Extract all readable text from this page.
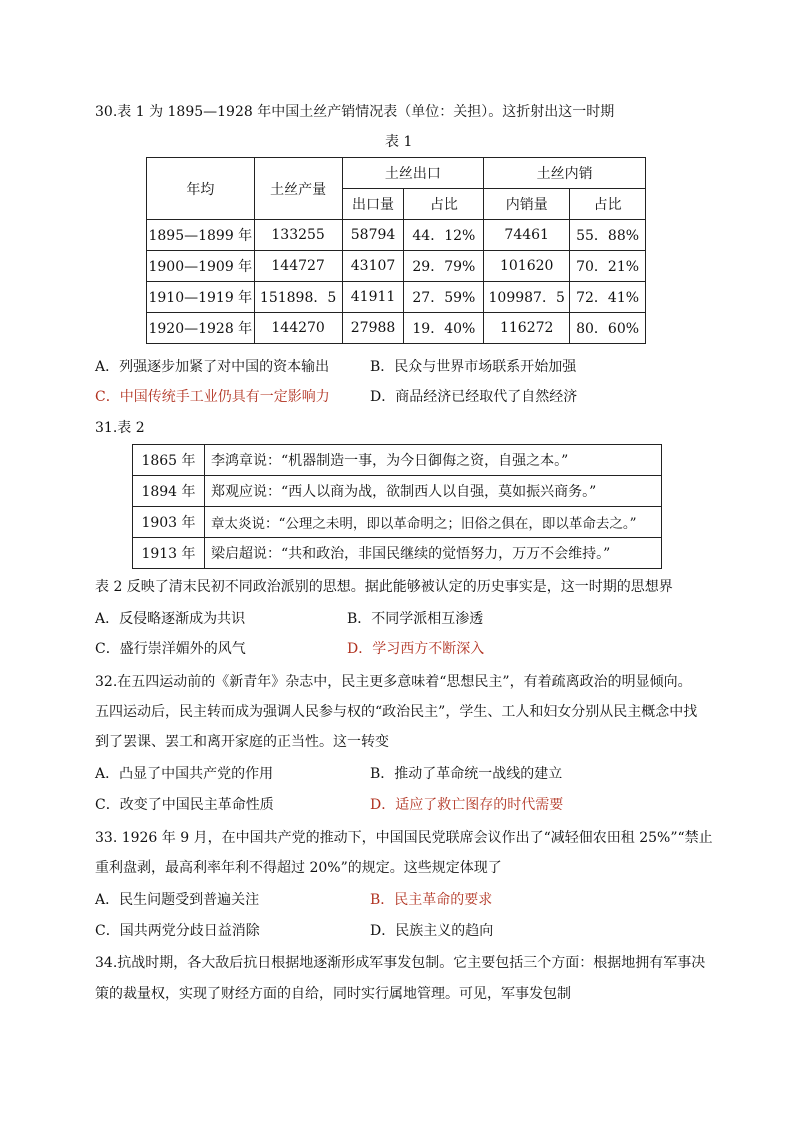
30.表 1 为 1895—1928 年中国土丝产销情况表（单位：关担）。这折射出这一时期
表 1
年均	土丝产量	土丝出口		土丝内销	
		出口量	占比	内销量	占比
1895—1899 年	133255	58794	44．12%	74461	55．88%
1900—1909 年	144727	43107	29．79%	101620	70．21%
1910—1919 年	151898．5	41911	27．59%	109987．5	72．41%
1920—1928 年	144270	27988	19．40%	116272	80．60%
A．列强逐步加紧了对中国的资本输出	B．民众与世界市场联系开始加强
C．中国传统手工业仍具有一定影响力	D．商品经济已经取代了自然经济
31.表 2
1865 年	李鸿章说：“机器制造一事，为今日御侮之资，自强之本。”
1894 年	郑观应说：“西人以商为战，欲制西人以自强，莫如振兴商务。”
1903 年	章太炎说：“公理之未明，即以革命明之；旧俗之俱在，即以革命去之。”
1913 年	梁启超说：“共和政治，非国民继续的觉悟努力，万万不会维持。”
表 2 反映了清末民初不同政治派别的思想。据此能够被认定的历史事实是，这一时期的思想界
A．反侵略逐渐成为共识	B．不同学派相互渗透
C．盛行崇洋媚外的风气	D．学习西方不断深入
32.在五四运动前的《新青年》杂志中，民主更多意味着“思想民主”，有着疏离政治的明显倾向。
五四运动后，民主转而成为强调人民参与权的“政治民主”，学生、工人和妇女分别从民主概念中找
到了罢课、罢工和离开家庭的正当性。这一转变
A．凸显了中国共产党的作用	B．推动了革命统一战线的建立
C．改变了中国民主革命性质	D．适应了救亡图存的时代需要
33. 1926 年 9 月，在中国共产党的推动下，中国国民党联席会议作出了“减轻佃农田租 25%”“禁止
重利盘剥，最高利率年利不得超过 20%”的规定。这些规定体现了
A．民生问题受到普遍关注	B．民主革命的要求
C．国共两党分歧日益消除	D．民族主义的趋向
34.抗战时期，各大敌后抗日根据地逐渐形成军事发包制。它主要包括三个方面：根据地拥有军事决
策的裁量权，实现了财经方面的自给，同时实行属地管理。可见，军事发包制
